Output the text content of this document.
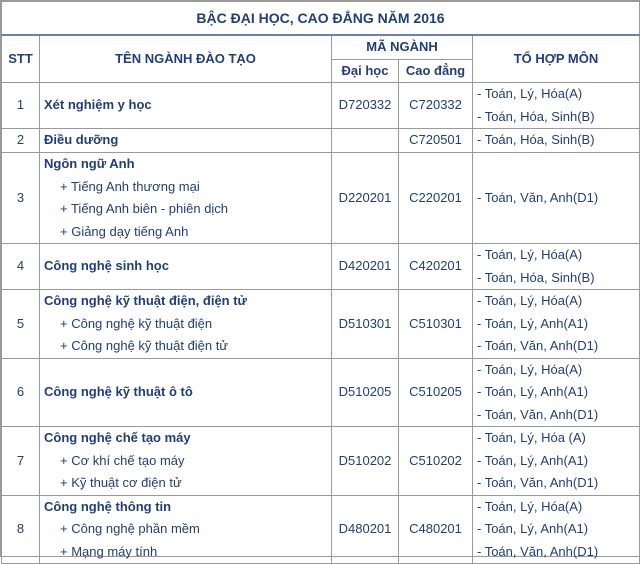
BẬC ĐẠI HỌC, CAO ĐẲNG NĂM 2016				
STT	TÊN NGÀNH ĐÀO TẠO	MÃ NGÀNH		TỔ HỢP MÔN
		Đại học	Cao đẳng	
1	Xét nghiệm y học	D720332	C720332	- Toán, Lý, Hóa(A)
- Toán, Hóa, Sinh(B)

2	Điều dưỡng		C720501	- Toán, Hóa, Sinh(B)

3	Ngôn ngữ Anh
+ Tiếng Anh thương mại
+ Tiếng Anh biên - phiên dịch
+ Giảng dạy tiếng Anh	D220201	C220201	- Toán, Văn, Anh(D1)

4	Công nghệ sinh học	D420201	C420201	- Toán, Lý, Hóa(A)
- Toán, Hóa, Sinh(B)

5	Công nghệ kỹ thuật điện, điện tử
+ Công nghệ kỹ thuật điện
+ Công nghệ kỹ thuật điện tử	D510301	C510301	- Toán, Lý, Hóa(A)
- Toán, Lý, Anh(A1)
- Toán, Văn, Anh(D1)

6	Công nghệ kỹ thuật ô tô	D510205	C510205	- Toán, Lý, Hóa(A)
- Toán, Lý, Anh(A1)
- Toán, Văn, Anh(D1)

7	Công nghệ chế tạo máy
+ Cơ khí chế tạo máy
+ Kỹ thuật cơ điện tử	D510202	C510202	- Toán, Lý, Hóa (A)
- Toán, Lý, Anh(A1)
- Toán, Văn, Anh(D1)

8	Công nghệ thông tin
+ Công nghệ phần mềm
+ Mạng máy tính	D480201	C480201	- Toán, Lý, Hóa(A)
- Toán, Lý, Anh(A1)
- Toán, Văn, Anh(D1)
